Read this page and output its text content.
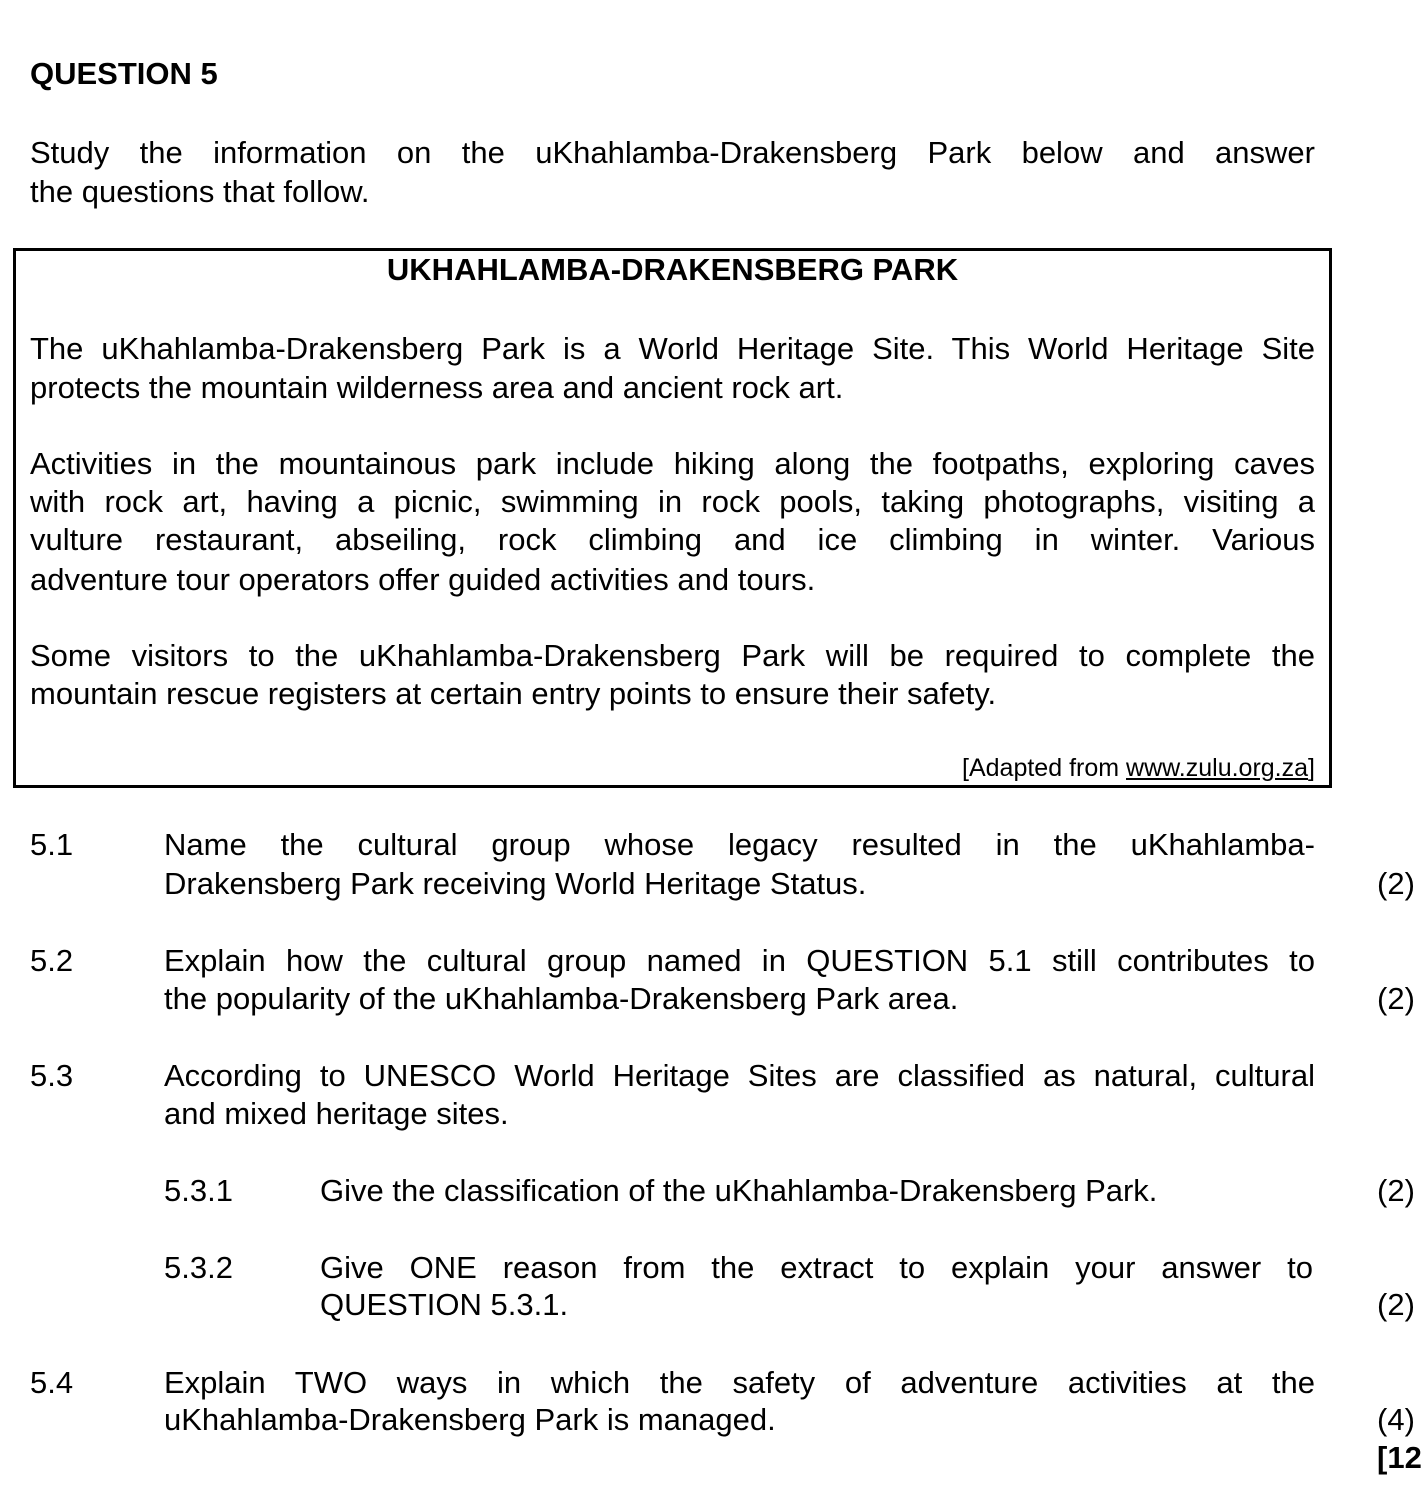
QUESTION 5
Study the information on the uKhahlamba-Drakensberg Park below and answer
the questions that follow.
UKHAHLAMBA-DRAKENSBERG PARK
The uKhahlamba-Drakensberg Park is a World Heritage Site. This World Heritage Site
protects the mountain wilderness area and ancient rock art.
Activities in the mountainous park include hiking along the footpaths, exploring caves
with rock art, having a picnic, swimming in rock pools, taking photographs, visiting a
vulture restaurant, abseiling, rock climbing and ice climbing in winter. Various
adventure tour operators offer guided activities and tours.
Some visitors to the uKhahlamba-Drakensberg Park will be required to complete the
mountain rescue registers at certain entry points to ensure their safety.
[Adapted from www.zulu.org.za]
5.1	Name the cultural group whose legacy resulted in the uKhahlamba-
Drakensberg Park receiving World Heritage Status.	(2)
5.2	Explain how the cultural group named in QUESTION 5.1 still contributes to
the popularity of the uKhahlamba-Drakensberg Park area.	(2)
5.3	According to UNESCO World Heritage Sites are classified as natural, cultural
and mixed heritage sites.
5.3.1	Give the classification of the uKhahlamba-Drakensberg Park.	(2)
5.3.2	Give ONE reason from the extract to explain your answer to
QUESTION 5.3.1.	(2)
5.4	Explain TWO ways in which the safety of adventure activities at the
uKhahlamba-Drakensberg Park is managed.	(4)
[12
